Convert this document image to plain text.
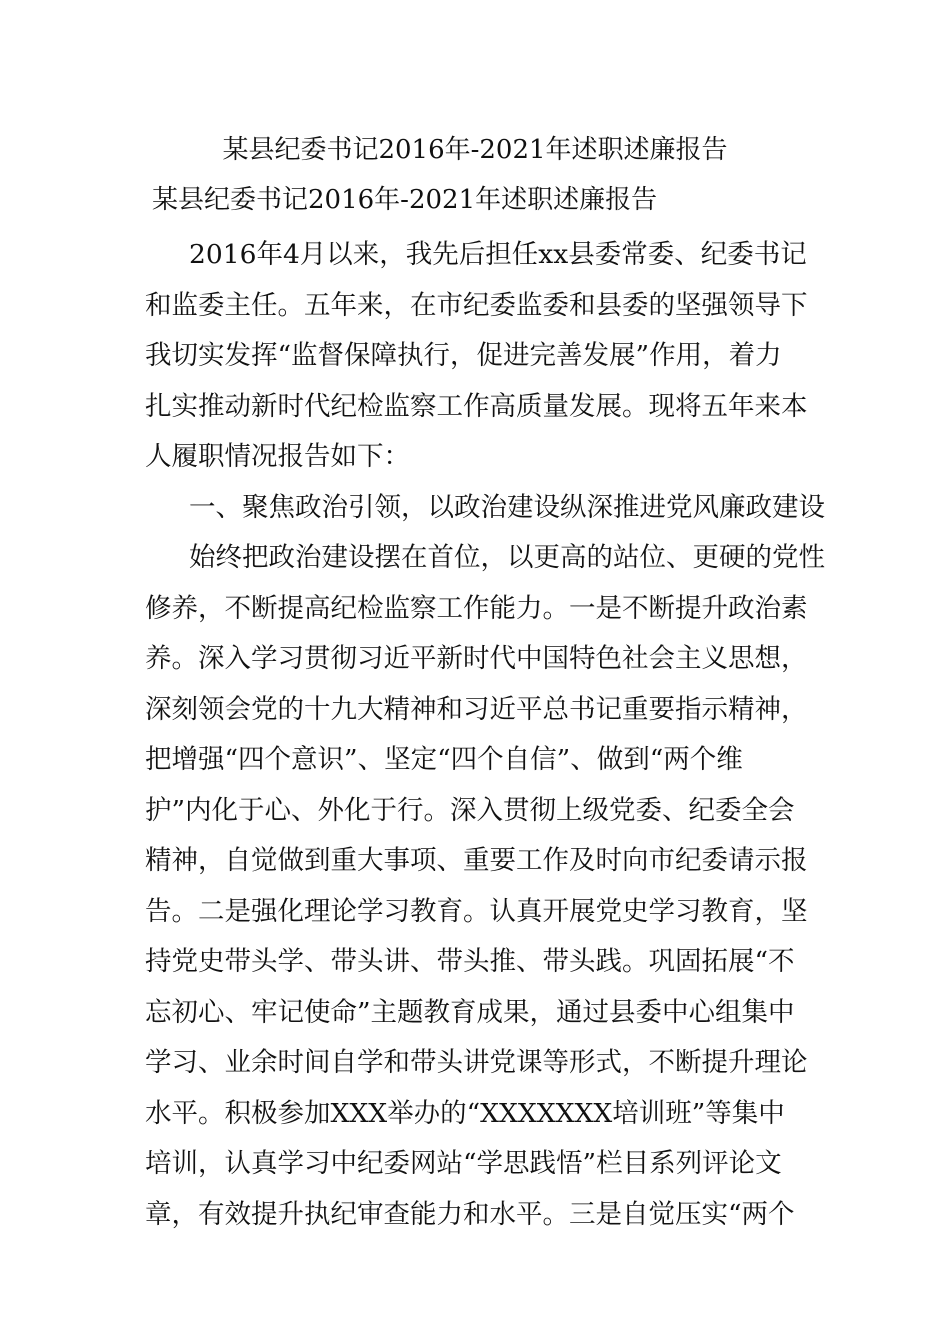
某县纪委书记2016年-2021年述职述廉报告
某县纪委书记2016年-2021年述职述廉报告
2016年4月以来，我先后担任xx县委常委、纪委书记
和监委主任。五年来，在市纪委监委和县委的坚强领导下
我切实发挥“监督保障执行，促进完善发展”作用，着力
扎实推动新时代纪检监察工作高质量发展。现将五年来本
人履职情况报告如下：
一、聚焦政治引领，以政治建设纵深推进党风廉政建设
始终把政治建设摆在首位，以更高的站位、更硬的党性
修养，不断提高纪检监察工作能力。一是不断提升政治素
养。深入学习贯彻习近平新时代中国特色社会主义思想，
深刻领会党的十九大精神和习近平总书记重要指示精神，
把增强“四个意识”、坚定“四个自信”、做到“两个维
护”内化于心、外化于行。深入贯彻上级党委、纪委全会
精神，自觉做到重大事项、重要工作及时向市纪委请示报
告。二是强化理论学习教育。认真开展党史学习教育，坚
持党史带头学、带头讲、带头推、带头践。巩固拓展“不
忘初心、牢记使命”主题教育成果，通过县委中心组集中
学习、业余时间自学和带头讲党课等形式，不断提升理论
水平。积极参加XXX举办的“XXXXXXX培训班”等集中
培训，认真学习中纪委网站“学思践悟”栏目系列评论文
章，有效提升执纪审查能力和水平。三是自觉压实“两个
